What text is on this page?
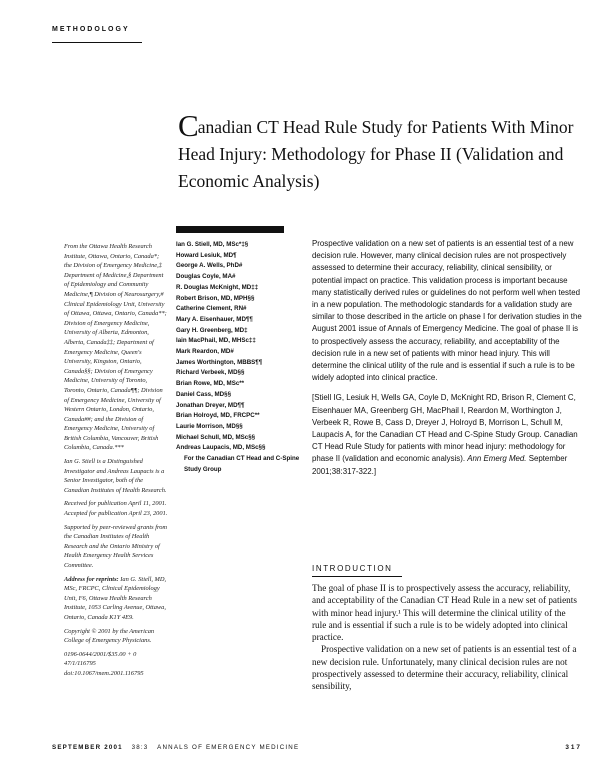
METHODOLOGY
Canadian CT Head Rule Study for Patients With Minor Head Injury: Methodology for Phase II (Validation and Economic Analysis)

From the Ottawa Health Research Institute, Ottawa, Ontario, Canada*; the Division of Emergency Medicine,‡ Department of Medicine,§ Department of Epidemiology and Community Medicine,¶ Division of Neurosurgery,# Clinical Epidemiology Unit, University of Ottawa, Ottawa, Ontario, Canada**; Division of Emergency Medicine, University of Alberta, Edmonton, Alberta, Canada‡‡; Department of Emergency Medicine, Queen's University, Kingston, Ontario, Canada§§; Division of Emergency Medicine, University of Toronto, Toronto, Ontario, Canada¶¶; Division of Emergency Medicine, University of Western Ontario, London, Ontario, Canada##; and the Division of Emergency Medicine, University of British Columbia, Vancouver, British Columbia, Canada.***

Ian G. Stiell is a Distinguished Investigator and Andreas Laupacis is a Senior Investigator, both of the Canadian Institutes of Health Research.

Received for publication April 11, 2001. Accepted for publication April 23, 2001.

Supported by peer-reviewed grants from the Canadian Institutes of Health Research and the Ontario Ministry of Health Emergency Health Services Committee.

Address for reprints: Ian G. Stiell, MD, MSc, FRCPC, Clinical Epidemiology Unit, F6, Ottawa Health Research Institute, 1053 Carling Avenue, Ottawa, Ontario, Canada K1Y 4E9.

Copyright © 2001 by the American College of Emergency Physicians.

0196-0644/2001/$35.00 + 0
47/1/116795
doi:10.1067/mem.2001.116795

Ian G. Stiell, MD, MSc*‡§
Howard Lesiuk, MD¶
George A. Wells, PhD#
Douglas Coyle, MA#
R. Douglas McKnight, MD‡‡
Robert Brison, MD, MPH§§
Catherine Clement, RN#
Mary A. Eisenhauer, MD¶¶
Gary H. Greenberg, MD‡
Iain MacPhail, MD, MHSc‡‡
Mark Reardon, MD#
James Worthington, MBBS¶¶
Richard Verbeek, MD§§
Brian Rowe, MD, MSc**
Daniel Cass, MD§§
Jonathan Dreyer, MD¶¶
Brian Holroyd, MD, FRCPC**
Laurie Morrison, MD§§
Michael Schull, MD, MSc§§
Andreas Laupacis, MD, MSc§§
For the Canadian CT Head and C-Spine Study Group

Prospective validation on a new set of patients is an essential test of a new decision rule. However, many clinical decision rules are not prospectively assessed to determine their accuracy, reliability, clinical sensibility, or potential impact on practice. This validation process is important because many statistically derived rules or guidelines do not perform well when tested in a new population. The methodologic standards for a validation study are similar to those described in the article on phase I for derivation studies in the August 2001 issue of Annals of Emergency Medicine. The goal of phase II is to prospectively assess the accuracy, reliability, and acceptability of the decision rule in a new set of patients with minor head injury. This will determine the clinical utility of the rule and is essential if such a rule is to be widely adopted into clinical practice.

[Stiell IG, Lesiuk H, Wells GA, Coyle D, McKnight RD, Brison R, Clement C, Eisenhauer MA, Greenberg GH, MacPhail I, Reardon M, Worthington J, Verbeek R, Rowe B, Cass D, Dreyer J, Holroyd B, Morrison L, Schull M, Laupacis A, for the Canadian CT Head and C-Spine Study Group. Canadian CT Head Rule Study for patients with minor head injury: methodology for phase II (validation and economic analysis). Ann Emerg Med. September 2001;38:317-322.]

INTRODUCTION

The goal of phase II is to prospectively assess the accuracy, reliability, and acceptability of the Canadian CT Head Rule in a new set of patients with minor head injury.¹ This will determine the clinical utility of the rule and is essential if such a rule is to be widely adopted into clinical practice.

Prospective validation on a new set of patients is an essential test of a new decision rule. Unfortunately, many clinical decision rules are not prospectively assessed to determine their accuracy, reliability, clinical sensibility,

SEPTEMBER 2001 38:3 ANNALS OF EMERGENCY MEDICINE	317
